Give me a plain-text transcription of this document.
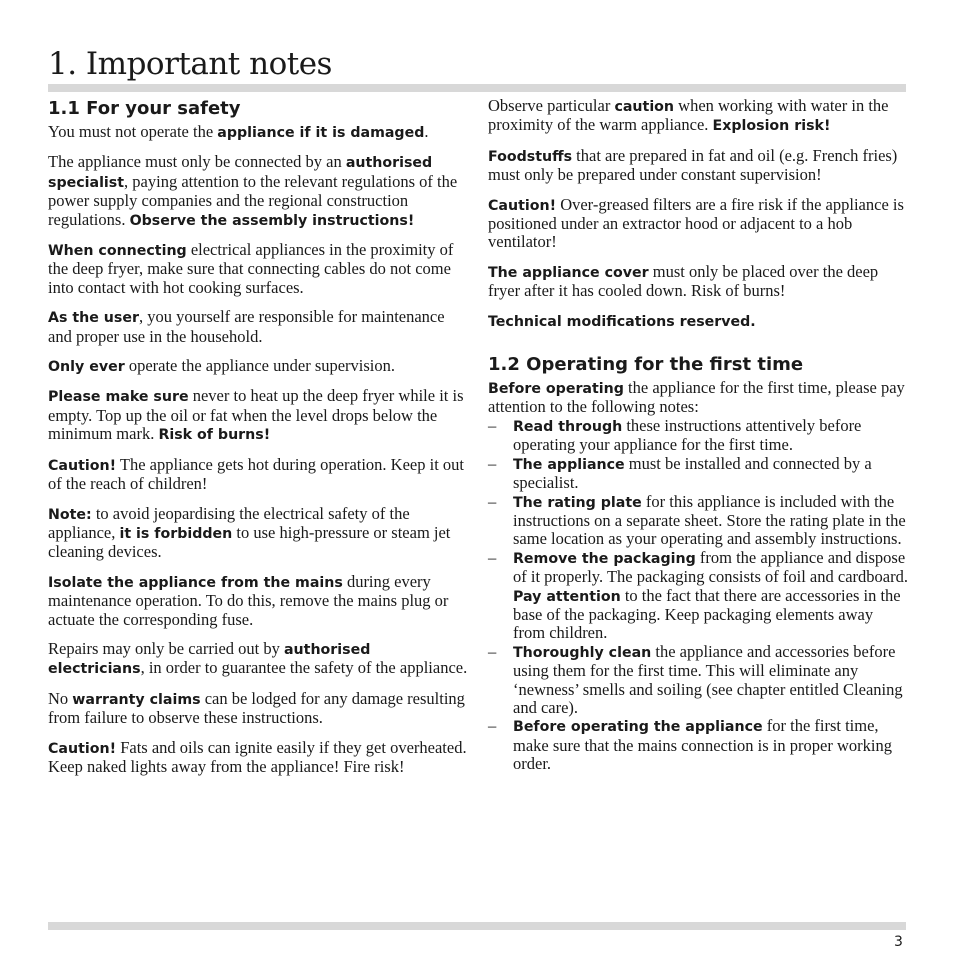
1. Important notes
1.1 For your safety

You must not operate the appliance if it is damaged.

The appliance must only be connected by an authorised specialist, paying attention to the relevant regulations of the power supply companies and the regional construction regulations. Observe the assembly instructions!

When connecting electrical appliances in the proximity of the deep fryer, make sure that connecting cables do not come into contact with hot cooking surfaces.

As the user, you yourself are responsible for maintenance and proper use in the household.

Only ever operate the appliance under supervision.

Please make sure never to heat up the deep fryer while it is empty. Top up the oil or fat when the level drops below the minimum mark. Risk of burns!

Caution! The appliance gets hot during operation. Keep it out of the reach of children!

Note: to avoid jeopardising the electrical safety of the appliance, it is forbidden to use high-pressure or steam jet cleaning devices.

Isolate the appliance from the mains during every maintenance operation. To do this, remove the mains plug or actuate the corresponding fuse.

Repairs may only be carried out by authorised electricians, in order to guarantee the safety of the appliance.

No warranty claims can be lodged for any damage resulting from failure to observe these instructions.

Caution! Fats and oils can ignite easily if they get overheated. Keep naked lights away from the appliance! Fire risk!

Observe particular caution when working with water in the proximity of the warm appliance. Explosion risk!

Foodstuffs that are prepared in fat and oil (e.g. French fries) must only be prepared under constant supervision!

Caution! Over-greased filters are a fire risk if the appliance is positioned under an extractor hood or adjacent to a hob ventilator!

The appliance cover must only be placed over the deep fryer after it has cooled down. Risk of burns!

Technical modifications reserved.

1.2 Operating for the first time

Before operating the appliance for the first time, please pay attention to the following notes:

– Read through these instructions attentively before operating your appliance for the first time.
– The appliance must be installed and connected by a specialist.
– The rating plate for this appliance is included with the instructions on a separate sheet. Store the rating plate in the same location as your operating and assembly instructions.
– Remove the packaging from the appliance and dispose of it properly. The packaging consists of foil and cardboard.
Pay attention to the fact that there are accessories in the base of the packaging. Keep packaging elements away from children.
– Thoroughly clean the appliance and accessories before using them for the first time. This will eliminate any ‘newness’ smells and soiling (see chapter entitled Cleaning and care).
– Before operating the appliance for the first time, make sure that the mains connection is in proper working order.
3
